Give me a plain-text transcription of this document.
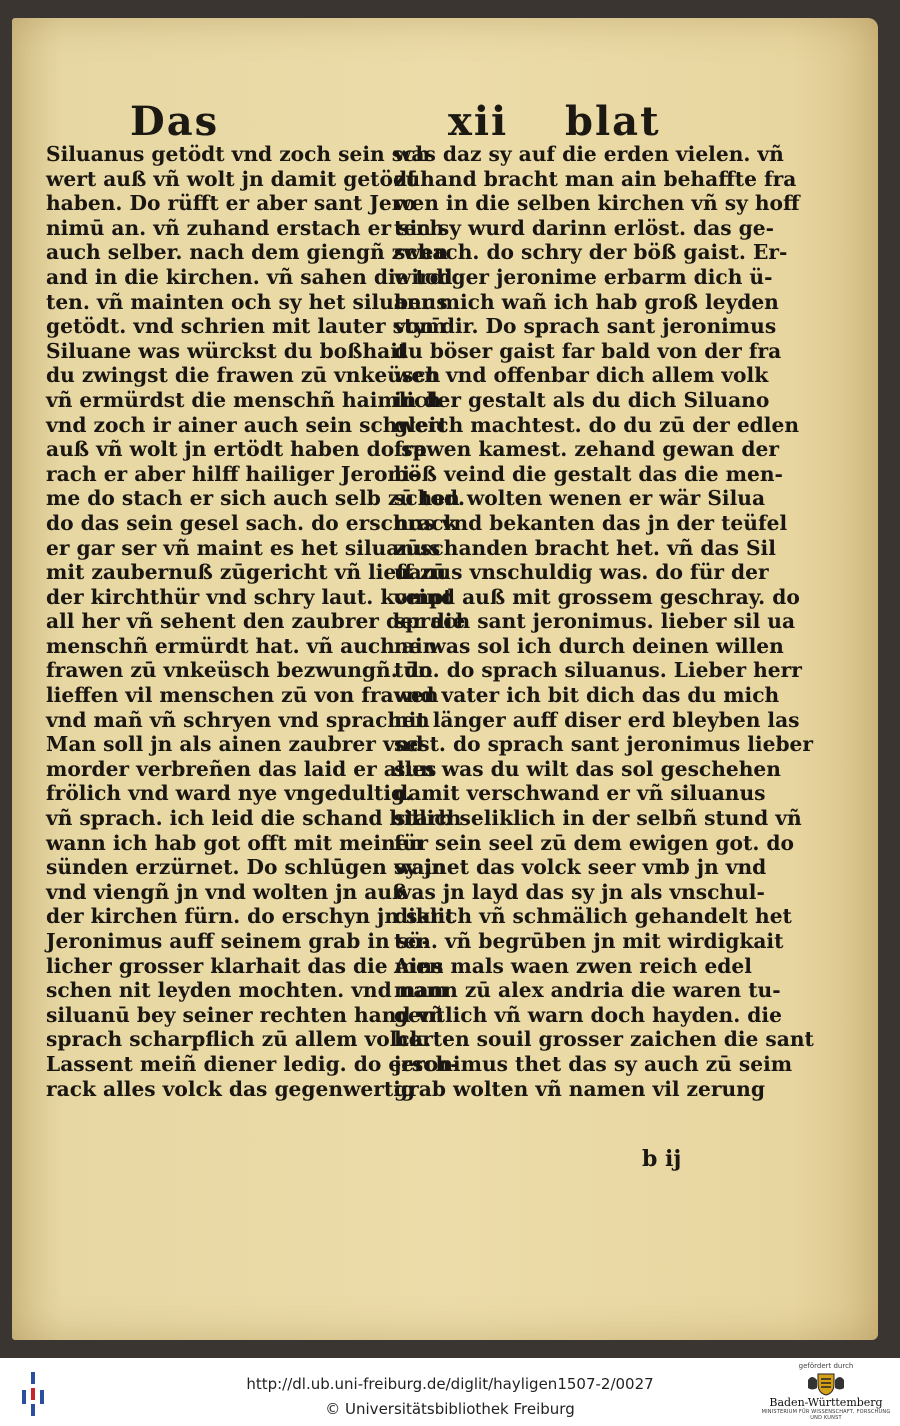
Das	xii blat
Siluanus getödt vnd zoch sein sch
wert auß vñ wolt jn damit getödt
haben. Do rüfft er aber sant Jero
nimū an. vñ zuhand erstach er sich
auch selber. nach dem giengñ zwen
and in die kirchen. vñ sahen die tod
ten. vñ mainten och sy het siluanus
getödt. vnd schrien mit lauter stym̄
Siluane was würckst du boßhait
du zwingst die frawen zū vnkeüsch
vñ ermürdst die menschñ haimlich
vnd zoch ir ainer auch sein schwert
auß vñ wolt jn ertödt haben do sp
rach er aber hilff hailiger Jeroni-
me do stach er sich auch selb zū tod.
do das sein gesel sach. do erschrack
er gar ser vñ maint es het siluanus
mit zaubernuß zūgericht vñ lieff zū
der kirchthür vnd schry laut. kompt
all her vñ sehent den zaubrer der die
menschñ ermürdt hat. vñ auch ain
frawen zū vnkeüsch bezwungñ. do
lieffen vil menschen zū von frawen
vnd mañ vñ schryen vnd sprachen
Man soll jn als ainen zaubrer vnd
morder verbreñen das laid er alles
frölich vnd ward nye vngedultig.
vñ sprach. ich leid die schand billich
wann ich hab got offt mit meinen
sünden erzürnet. Do schlūgen sy jn
vnd viengñ jn vnd wolten jn auß
der kirchen fürn. do erschyn jn sant
Jeronimus auff seinem grab in sö-
licher grosser klarhait das die men
schen nit leyden mochten. vnd nam
siluanū bey seiner rechten hand vñ
sprach scharpflich zū allem volck.
Lassent meiñ diener ledig. do ersch-
rack alles volck das gegenwertig
was daz sy auf die erden vielen. vñ
zūhand bracht man ain behaffte fra
wen in die selben kirchen vñ sy hoff
ten sy wurd darinn erlöst. das ge-
schach. do schry der böß gaist. Er-
wirdiger jeronime erbarm dich ü-
ber mich wañ ich hab groß leyden
von dir. Do sprach sant jeronimus
du böser gaist far bald von der fra
wen vnd offenbar dich allem volk
in der gestalt als du dich Siluano
gleich machtest. do du zū der edlen
frawen kamest. zehand gewan der
böß veind die gestalt das die men-
schen wolten wenen er wär Silua
nus vnd bekanten das jn der teüfel
zūschanden bracht het. vñ das Sil
uanus vnschuldig was. do für der
veind auß mit grossem geschray. do
sprach sant jeronimus. lieber sil ua
ne was sol ich durch deinen willen
tūn. do sprach siluanus. Lieber herr
vnd vater ich bit dich das du mich
nit länger auff diser erd bleyben las
sest. do sprach sant jeronimus lieber
sun was du wilt das sol geschehen
damit verschwand er vñ siluanus
starb seliklich in der selbñ stund vñ
für sein seel zū dem ewigen got. do
wainet das volck seer vmb jn vnd
was jn layd das sy jn als vnschul-
diklich vñ schmälich gehandelt het
ten. vñ begrūben jn mit wirdigkait
Ains mals waen zwen reich edel
mann zū alex andria die waren tu-
gentlich vñ warn doch hayden. die
horten souil grosser zaichen die sant
jeronimus thet das sy auch zū seim
grab wolten vñ namen vil zerung
b ij
http://dl.ub.uni-freiburg.de/diglit/hayligen1507-2/0027
© Universitätsbibliothek Freiburg
gefördert durch
Baden-Württemberg
MINISTERIUM FÜR WISSENSCHAFT, FORSCHUNG UND KUNST
